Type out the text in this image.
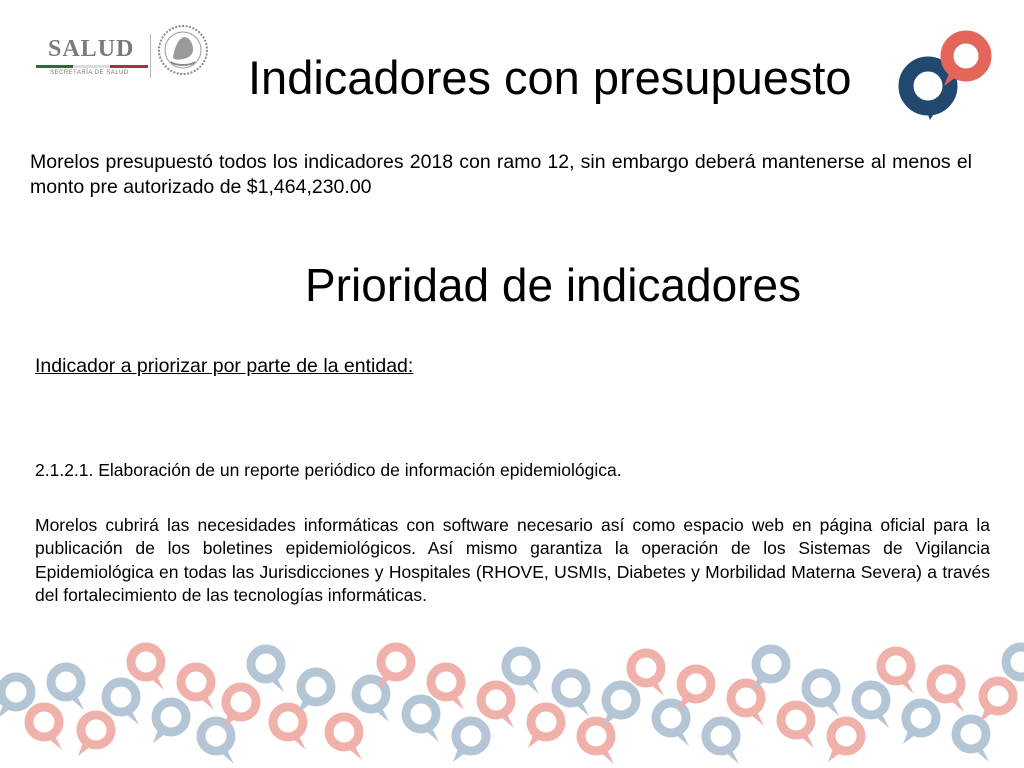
SALUD
SECRETARÍA DE SALUD	Indicadores con presupuesto

Morelos presupuestó todos los indicadores 2018 con ramo 12, sin embargo deberá mantenerse al menos el monto pre autorizado de $1,464,230.00

Prioridad de indicadores

Indicador a priorizar por parte de la entidad:

2.1.2.1. Elaboración de un reporte periódico de información epidemiológica.

Morelos cubrirá las necesidades informáticas con software necesario así como espacio web en página oficial para la publicación de los boletines epidemiológicos. Así mismo garantiza la operación de los Sistemas de Vigilancia Epidemiológica en todas las Jurisdicciones y Hospitales (RHOVE, USMIs, Diabetes y Morbilidad Materna Severa) a través del fortalecimiento de las tecnologías informáticas.
